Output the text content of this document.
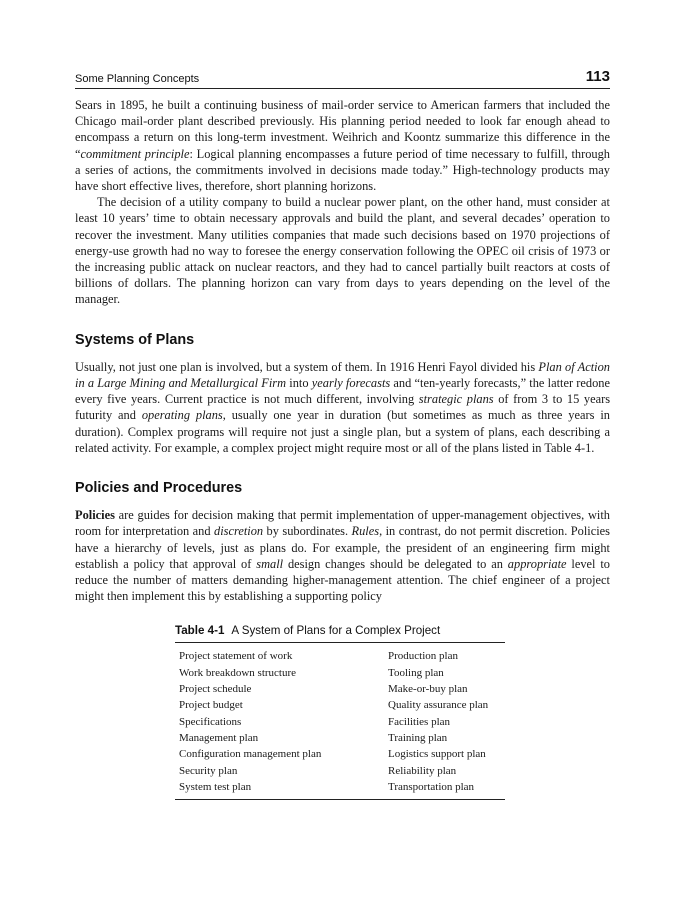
Some Planning Concepts	113

Sears in 1895, he built a continuing business of mail-order service to American farmers that included the Chicago mail-order plant described previously. His planning period needed to look far enough ahead to encompass a return on this long-term investment. Weihrich and Koontz summarize this difference in the “commitment principle: Logical planning encompasses a future period of time necessary to fulfill, through a series of actions, the commitments involved in decisions made today.” High-technology products may have short effective lives, therefore, short planning horizons.

The decision of a utility company to build a nuclear power plant, on the other hand, must consider at least 10 years’ time to obtain necessary approvals and build the plant, and several decades’ operation to recover the investment. Many utilities companies that made such decisions based on 1970 projections of energy-use growth had no way to foresee the energy conservation following the OPEC oil crisis of 1973 or the increasing public attack on nuclear reactors, and they had to cancel partially built reactors at costs of billions of dollars. The planning horizon can vary from days to years depending on the level of the manager.

Systems of Plans

Usually, not just one plan is involved, but a system of them. In 1916 Henri Fayol divided his Plan of Action in a Large Mining and Metallurgical Firm into yearly forecasts and “ten-yearly forecasts,” the latter redone every five years. Current practice is not much different, involving strategic plans of from 3 to 15 years futurity and operating plans, usually one year in duration (but sometimes as much as three years in duration). Complex programs will require not just a single plan, but a system of plans, each describing a related activity. For example, a complex project might require most or all of the plans listed in Table 4-1.

Policies and Procedures

Policies are guides for decision making that permit implementation of upper-management objectives, with room for interpretation and discretion by subordinates. Rules, in contrast, do not permit discretion. Policies have a hierarchy of levels, just as plans do. For example, the president of an engineering firm might establish a policy that approval of small design changes should be delegated to an appropriate level to reduce the number of matters demanding higher-management attention. The chief engineer of a project might then implement this by establishing a supporting policy

Table 4-1 A System of Plans for a Complex Project
Project statement of work	Production plan
Work breakdown structure	Tooling plan
Project schedule	Make-or-buy plan
Project budget	Quality assurance plan
Specifications	Facilities plan
Management plan	Training plan
Configuration management plan	Logistics support plan
Security plan	Reliability plan
System test plan	Transportation plan
